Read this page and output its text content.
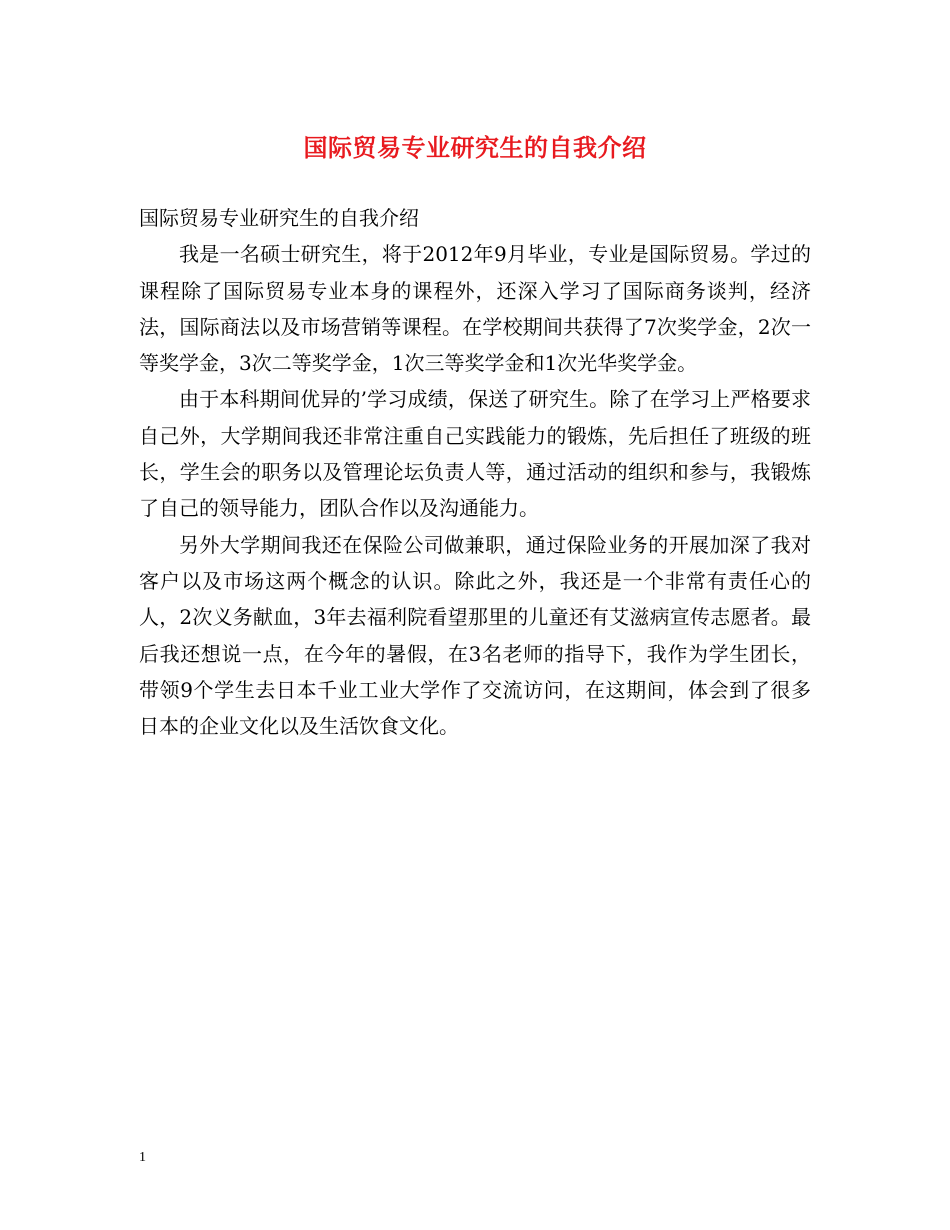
国际贸易专业研究生的自我介绍

国际贸易专业研究生的自我介绍

我是一名硕士研究生，将于2012年9月毕业，专业是国际贸易。学过的课程除了国际贸易专业本身的课程外，还深入学习了国际商务谈判，经济法，国际商法以及市场营销等课程。在学校期间共获得了7次奖学金，2次一等奖学金，3次二等奖学金，1次三等奖学金和1次光华奖学金。

由于本科期间优异的’学习成绩，保送了研究生。除了在学习上严格要求自己外，大学期间我还非常注重自己实践能力的锻炼，先后担任了班级的班长，学生会的职务以及管理论坛负责人等，通过活动的组织和参与，我锻炼了自己的领导能力，团队合作以及沟通能力。

另外大学期间我还在保险公司做兼职，通过保险业务的开展加深了我对客户以及市场这两个概念的认识。除此之外，我还是一个非常有责任心的人，2次义务献血，3年去福利院看望那里的儿童还有艾滋病宣传志愿者。最后我还想说一点，在今年的暑假，在3名老师的指导下，我作为学生团长，带领9个学生去日本千业工业大学作了交流访问，在这期间，体会到了很多日本的企业文化以及生活饮食文化。

1
